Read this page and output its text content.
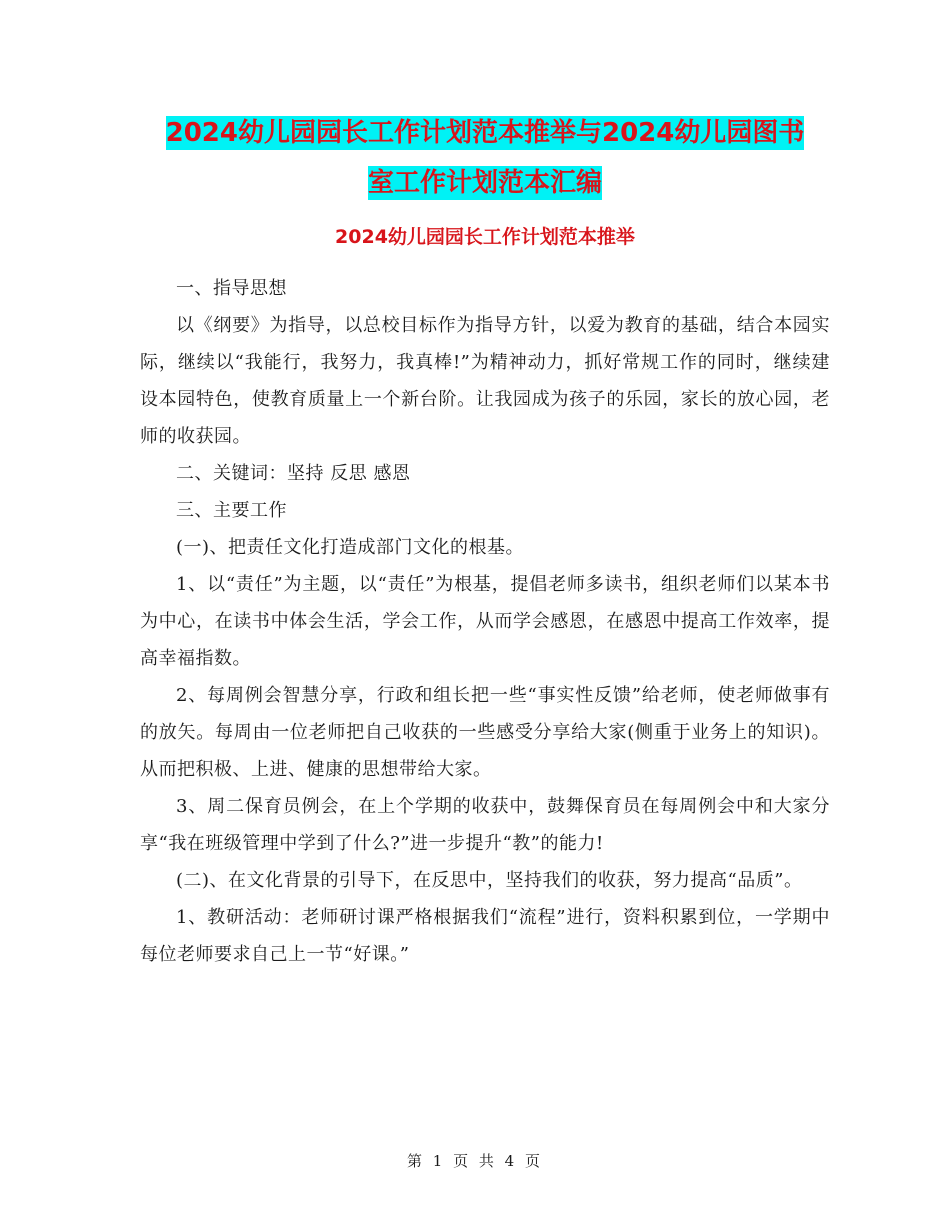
2024幼儿园园长工作计划范本推举与2024幼儿园图书
室工作计划范本汇编
2024幼儿园园长工作计划范本推举

一、指导思想

以《纲要》为指导，以总校目标作为指导方针，以爱为教育的基础，结合本园实际，继续以“我能行，我努力，我真棒!”为精神动力，抓好常规工作的同时，继续建设本园特色，使教育质量上一个新台阶。让我园成为孩子的乐园，家长的放心园，老师的收获园。

二、关键词：坚持 反思 感恩

三、主要工作

(一)、把责任文化打造成部门文化的根基。

1、以“责任”为主题，以“责任”为根基，提倡老师多读书，组织老师们以某本书为中心，在读书中体会生活，学会工作，从而学会感恩，在感恩中提高工作效率，提高幸福指数。

2、每周例会智慧分享，行政和组长把一些“事实性反馈”给老师，使老师做事有的放矢。每周由一位老师把自己收获的一些感受分享给大家(侧重于业务上的知识)。从而把积极、上进、健康的思想带给大家。

3、周二保育员例会，在上个学期的收获中，鼓舞保育员在每周例会中和大家分享“我在班级管理中学到了什么?”进一步提升“教”的能力!

(二)、在文化背景的引导下，在反思中，坚持我们的收获，努力提高“品质”。

1、教研活动：老师研讨课严格根据我们“流程”进行，资料积累到位，一学期中每位老师要求自己上一节“好课。”

第 1 页 共 4 页
